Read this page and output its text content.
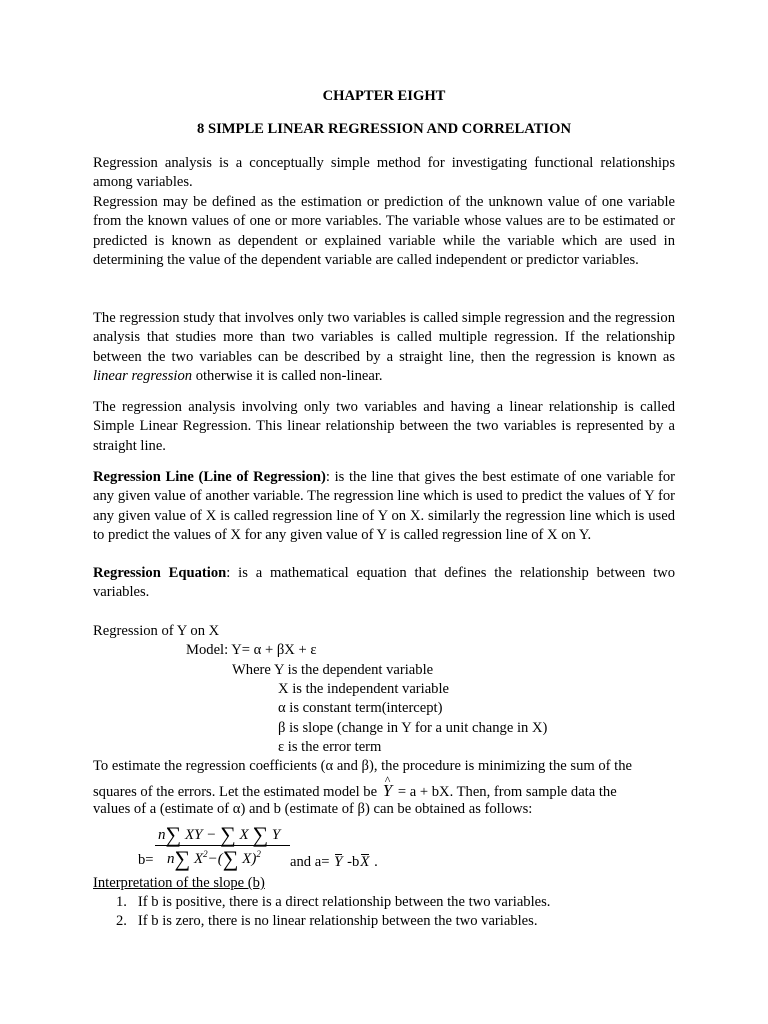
CHAPTER EIGHT
8 SIMPLE LINEAR REGRESSION AND CORRELATION

Regression analysis is a conceptually simple method for investigating functional relationships among variables.

Regression may be defined as the estimation or prediction of the unknown value of one variable from the known values of one or more variables. The variable whose values are to be estimated or predicted is known as dependent or explained variable while the variable which are used in determining the value of the dependent variable are called independent or predictor variables.

The regression study that involves only two variables is called simple regression and the regression analysis that studies more than two variables is called multiple regression. If the relationship between the two variables can be described by a straight line, then the regression is known as linear regression otherwise it is called non-linear.

The regression analysis involving only two variables and having a linear relationship is called Simple Linear Regression. This linear relationship between the two variables is represented by a straight line.

Regression Line (Line of Regression): is the line that gives the best estimate of one variable for any given value of another variable. The regression line which is used to predict the values of Y for any given value of X is called regression line of Y on X. similarly the regression line which is used to predict the values of X for any given value of Y is called regression line of X on Y.

Regression Equation: is a mathematical equation that defines the relationship between two variables.

Regression of Y on X
Model: Y= α + βX + ε
Where Y is the dependent variable
X is the independent variable
α is constant term(intercept)
β is slope (change in Y for a unit change in X)
ε is the error term

To estimate the regression coefficients (α and β), the procedure is minimizing the sum of the

squares of the errors. Let the estimated model be ^ Y = a + bX. Then, from sample data the
values of a (estimate of α) and b (estimate of β) can be obtained as follows:
n∑ XY − ∑ X ∑ Y
b= n∑ $X^2-(\sum$ X)$^2$ and a= Y -bX .
Interpretation of the slope (b)
1. If b is positive, there is a direct relationship between the two variables.
2. If b is zero, there is no linear relationship between the two variables.
